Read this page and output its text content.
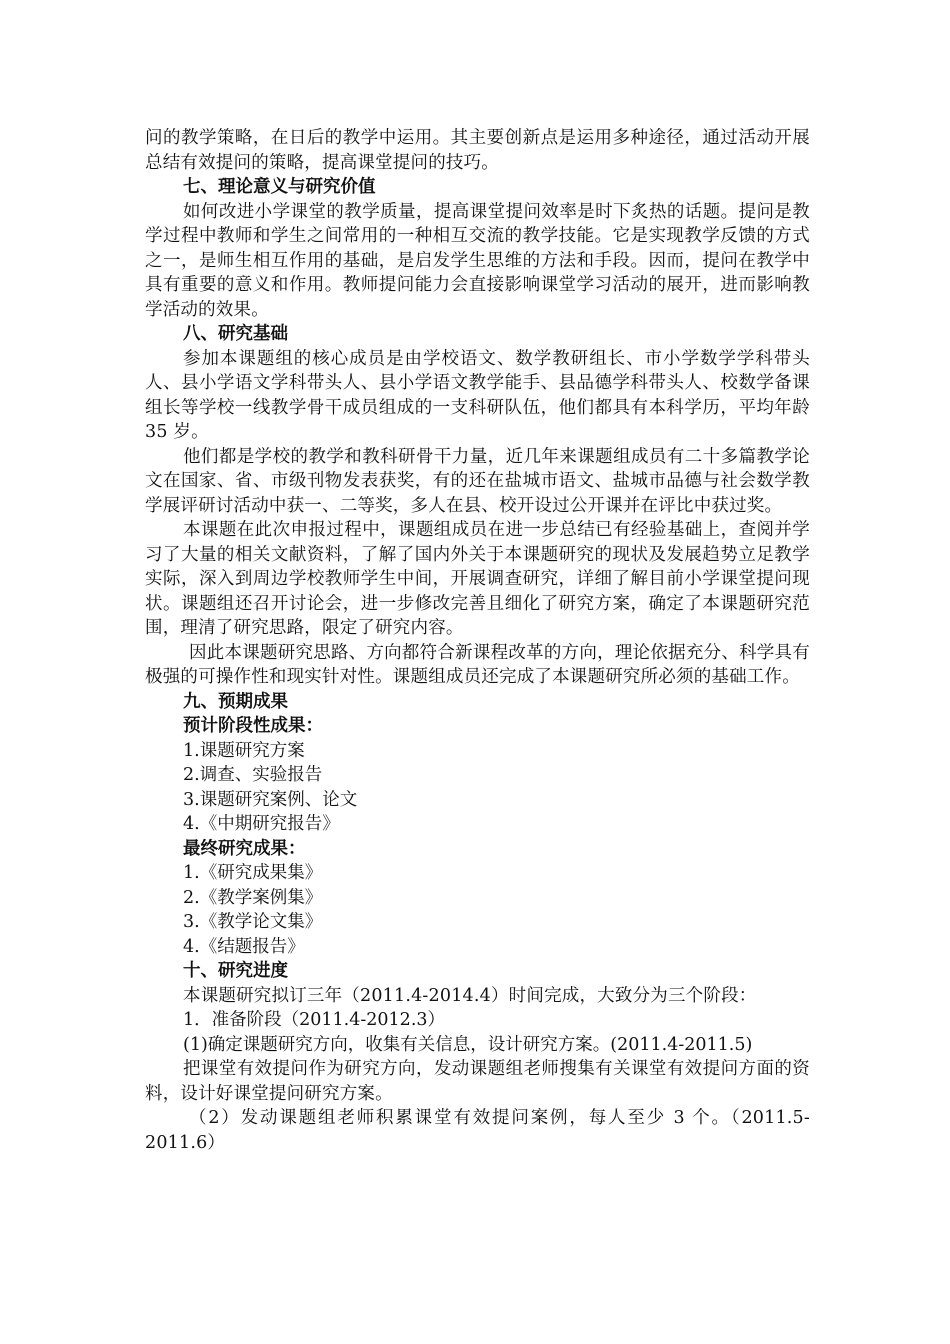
问的教学策略，在日后的教学中运用。其主要创新点是运用多种途径，通过活动开展总结有效提问的策略，提高课堂提问的技巧。

七、理论意义与研究价值

如何改进小学课堂的教学质量，提高课堂提问效率是时下炙热的话题。提问是教学过程中教师和学生之间常用的一种相互交流的教学技能。它是实现教学反馈的方式之一，是师生相互作用的基础，是启发学生思维的方法和手段。因而，提问在教学中具有重要的意义和作用。教师提问能力会直接影响课堂学习活动的展开，进而影响教学活动的效果。

八、研究基础

参加本课题组的核心成员是由学校语文、数学教研组长、市小学数学学科带头人、县小学语文学科带头人、县小学语文教学能手、县品德学科带头人、校数学备课组长等学校一线教学骨干成员组成的一支科研队伍，他们都具有本科学历，平均年龄 35 岁。

他们都是学校的教学和教科研骨干力量，近几年来课题组成员有二十多篇教学论文在国家、省、市级刊物发表获奖，有的还在盐城市语文、盐城市品德与社会数学教学展评研讨活动中获一、二等奖，多人在县、校开设过公开课并在评比中获过奖。

本课题在此次申报过程中，课题组成员在进一步总结已有经验基础上，查阅并学习了大量的相关文献资料，了解了国内外关于本课题研究的现状及发展趋势立足教学实际，深入到周边学校教师学生中间，开展调查研究，详细了解目前小学课堂提问现状。课题组还召开讨论会，进一步修改完善且细化了研究方案，确定了本课题研究范围，理清了研究思路，限定了研究内容。

因此本课题研究思路、方向都符合新课程改革的方向，理论依据充分、科学具有极强的可操作性和现实针对性。课题组成员还完成了本课题研究所必须的基础工作。

九、预期成果

预计阶段性成果：

1.课题研究方案

2.调查、实验报告

3.课题研究案例、论文

4.《中期研究报告》

最终研究成果：

1.《研究成果集》

2.《教学案例集》

3.《教学论文集》

4.《结题报告》

十、研究进度

本课题研究拟订三年（2011.4-2014.4）时间完成，大致分为三个阶段：

1．准备阶段（2011.4-2012.3）

(1)确定课题研究方向，收集有关信息，设计研究方案。(2011.4-2011.5)

把课堂有效提问作为研究方向，发动课题组老师搜集有关课堂有效提问方面的资料，设计好课堂提问研究方案。

（2）发动课题组老师积累课堂有效提问案例，每人至少 3 个。（2011.5-2011.6）
